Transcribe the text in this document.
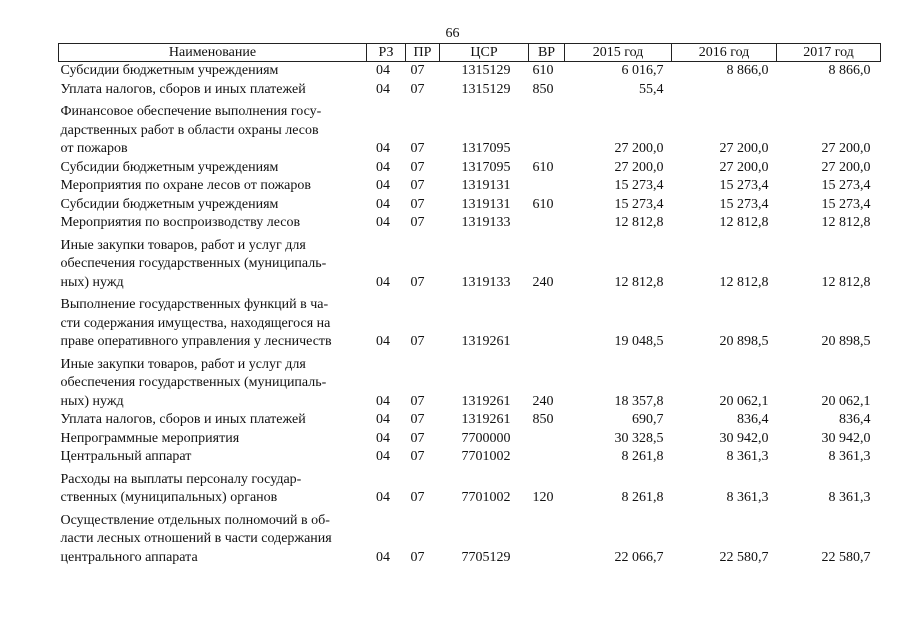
66
Наименование	РЗ	ПР	ЦСР	ВР	2015 год	2016 год	2017 год

Субсидии бюджетным учреждениям	04	07	1315129	610	6 016,7	8 866,0	8 866,0

Уплата налогов, сборов и иных платежей	04	07	1315129	850	55,4		

Финансовое обеспечение выполнения госу-
дарственных работ в области охраны лесов
от пожаров	04	07	1317095		27 200,0	27 200,0	27 200,0

Субсидии бюджетным учреждениям	04	07	1317095	610	27 200,0	27 200,0	27 200,0

Мероприятия по охране лесов от пожаров	04	07	1319131		15 273,4	15 273,4	15 273,4

Субсидии бюджетным учреждениям	04	07	1319131	610	15 273,4	15 273,4	15 273,4

Мероприятия по воспроизводству лесов	04	07	1319133		12 812,8	12 812,8	12 812,8

Иные закупки товаров, работ и услуг для
обеспечения государственных (муниципаль-
ных) нужд	04	07	1319133	240	12 812,8	12 812,8	12 812,8

Выполнение государственных функций в ча-
сти содержания имущества, находящегося на
праве оперативного управления у лесничеств	04	07	1319261		19 048,5	20 898,5	20 898,5

Иные закупки товаров, работ и услуг для
обеспечения государственных (муниципаль-
ных) нужд	04	07	1319261	240	18 357,8	20 062,1	20 062,1

Уплата налогов, сборов и иных платежей	04	07	1319261	850	690,7	836,4	836,4

Непрограммные мероприятия	04	07	7700000		30 328,5	30 942,0	30 942,0

Центральный аппарат	04	07	7701002		8 261,8	8 361,3	8 361,3

Расходы на выплаты персоналу государ-
ственных (муниципальных) органов	04	07	7701002	120	8 261,8	8 361,3	8 361,3

Осуществление отдельных полномочий в об-
ласти лесных отношений в части содержания
центрального аппарата	04	07	7705129		22 066,7	22 580,7	22 580,7
